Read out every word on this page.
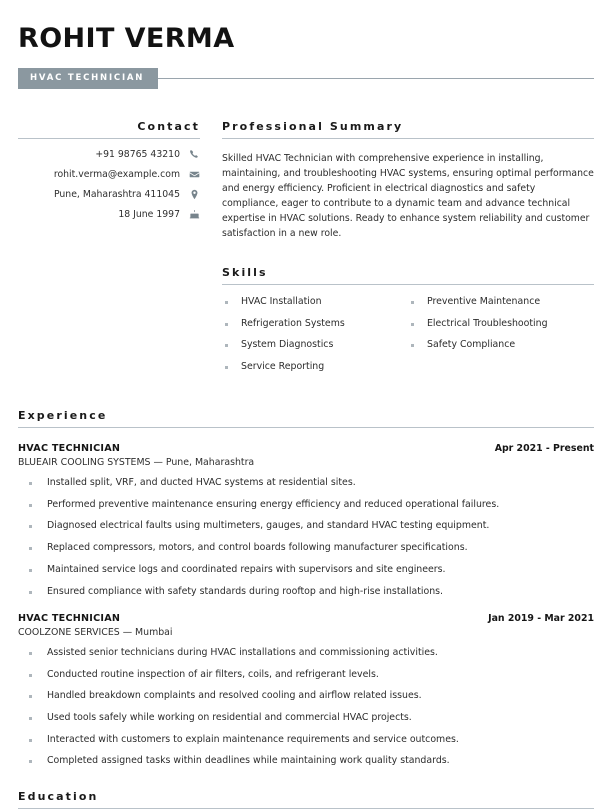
ROHIT VERMA
HVAC TECHNICIAN
Contact
+91 98765 43210
rohit.verma@example.com
Pune, Maharashtra 411045
18 June 1997
Professional Summary
Skilled HVAC Technician with comprehensive experience in installing, maintaining, and troubleshooting HVAC systems, ensuring optimal performance and energy efficiency. Proficient in electrical diagnostics and safety compliance, eager to contribute to a dynamic team and advance technical expertise in HVAC solutions. Ready to enhance system reliability and customer satisfaction in a new role.
Skills
HVAC Installation
Refrigeration Systems
System Diagnostics
Service Reporting
Preventive Maintenance
Electrical Troubleshooting
Safety Compliance
Experience
HVAC TECHNICIAN	Apr 2021 - Present
BLUEAIR COOLING SYSTEMS — Pune, Maharashtra
Installed split, VRF, and ducted HVAC systems at residential sites.
Performed preventive maintenance ensuring energy efficiency and reduced operational failures.
Diagnosed electrical faults using multimeters, gauges, and standard HVAC testing equipment.
Replaced compressors, motors, and control boards following manufacturer specifications.
Maintained service logs and coordinated repairs with supervisors and site engineers.
Ensured compliance with safety standards during rooftop and high-rise installations.
HVAC TECHNICIAN	Jan 2019 - Mar 2021
COOLZONE SERVICES — Mumbai
Assisted senior technicians during HVAC installations and commissioning activities.
Conducted routine inspection of air filters, coils, and refrigerant levels.
Handled breakdown complaints and resolved cooling and airflow related issues.
Used tools safely while working on residential and commercial HVAC projects.
Interacted with customers to explain maintenance requirements and service outcomes.
Completed assigned tasks within deadlines while maintaining work quality standards.
Education
